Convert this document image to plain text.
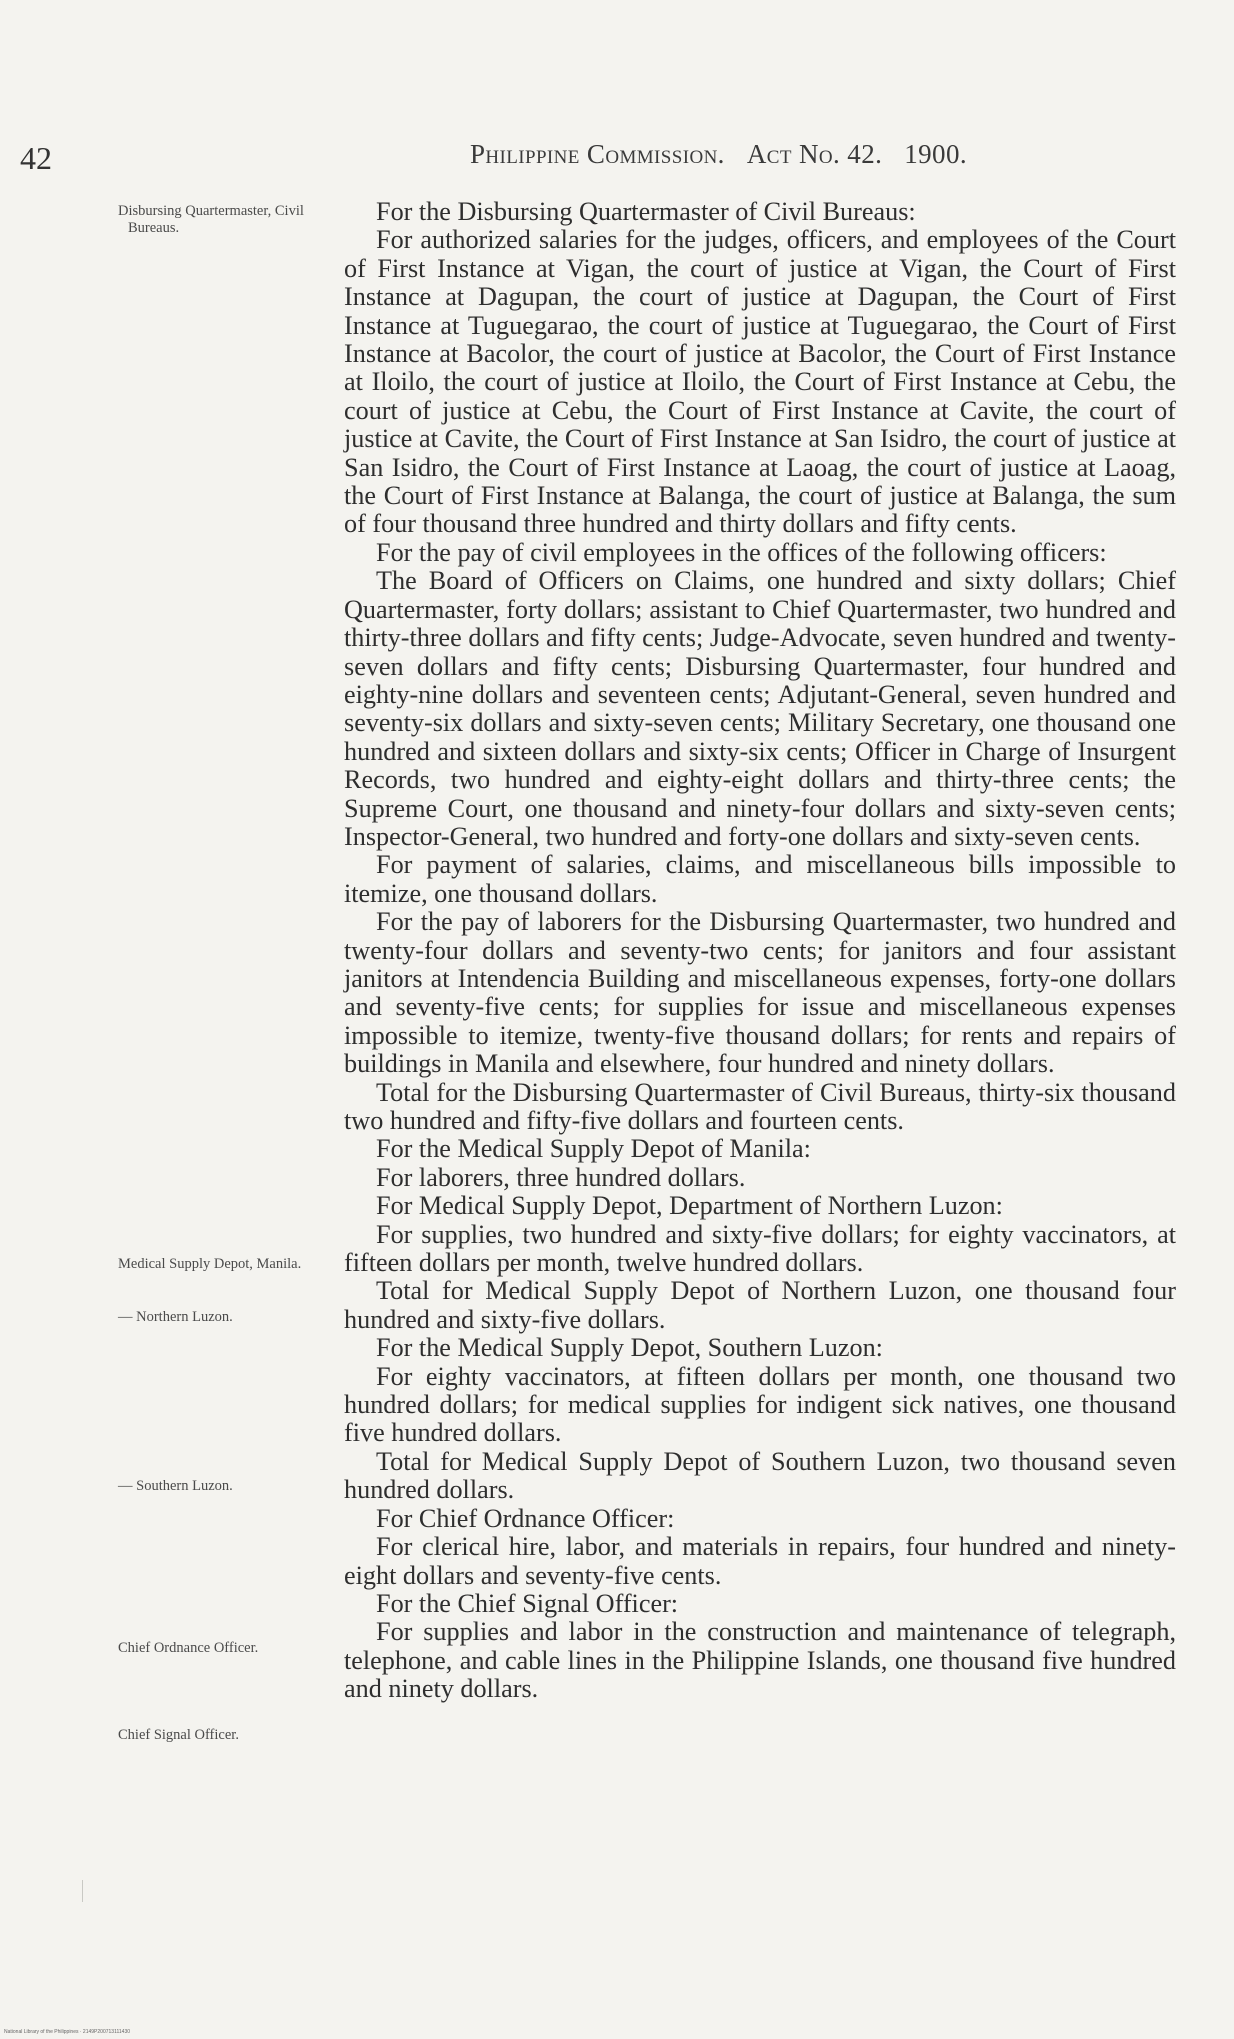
42	Philippine Commission. Act No. 42. 1900.
Disbursing Quartermaster, Civil Bureaus.
Medical Supply Depot, Manila.
— Northern Luzon.
— Southern Luzon.
Chief Ordnance Officer.
Chief Signal Officer.

For the Disbursing Quartermaster of Civil Bureaus:

For authorized salaries for the judges, officers, and employees of the Court of First Instance at Vigan, the court of justice at Vigan, the Court of First Instance at Dagupan, the court of justice at Dagupan, the Court of First Instance at Tuguegarao, the court of justice at Tuguegarao, the Court of First Instance at Bacolor, the court of justice at Bacolor, the Court of First Instance at Iloilo, the court of justice at Iloilo, the Court of First Instance at Cebu, the court of justice at Cebu, the Court of First Instance at Cavite, the court of justice at Cavite, the Court of First Instance at San Isidro, the court of justice at San Isidro, the Court of First Instance at Laoag, the court of justice at Laoag, the Court of First Instance at Balanga, the court of justice at Balanga, the sum of four thousand three hundred and thirty dollars and fifty cents.

For the pay of civil employees in the offices of the following officers:

The Board of Officers on Claims, one hundred and sixty dollars; Chief Quartermaster, forty dollars; assistant to Chief Quartermaster, two hundred and thirty-three dollars and fifty cents; Judge-Advocate, seven hundred and twenty-seven dollars and fifty cents; Disbursing Quartermaster, four hundred and eighty-nine dollars and seventeen cents; Adjutant-General, seven hundred and seventy-six dollars and sixty-seven cents; Military Secretary, one thousand one hundred and sixteen dollars and sixty-six cents; Officer in Charge of Insurgent Records, two hundred and eighty-eight dollars and thirty-three cents; the Supreme Court, one thousand and ninety-four dollars and sixty-seven cents; Inspector-General, two hundred and forty-one dollars and sixty-seven cents.

For payment of salaries, claims, and miscellaneous bills impossible to itemize, one thousand dollars.

For the pay of laborers for the Disbursing Quartermaster, two hundred and twenty-four dollars and seventy-two cents; for janitors and four assistant janitors at Intendencia Building and miscellaneous expenses, forty-one dollars and seventy-five cents; for supplies for issue and miscellaneous expenses impossible to itemize, twenty-five thousand dollars; for rents and repairs of buildings in Manila and elsewhere, four hundred and ninety dollars.

Total for the Disbursing Quartermaster of Civil Bureaus, thirty-six thousand two hundred and fifty-five dollars and fourteen cents.

For the Medical Supply Depot of Manila:

For laborers, three hundred dollars.

For Medical Supply Depot, Department of Northern Luzon:

For supplies, two hundred and sixty-five dollars; for eighty vaccinators, at fifteen dollars per month, twelve hundred dollars.

Total for Medical Supply Depot of Northern Luzon, one thousand four hundred and sixty-five dollars.

For the Medical Supply Depot, Southern Luzon:

For eighty vaccinators, at fifteen dollars per month, one thousand two hundred dollars; for medical supplies for indigent sick natives, one thousand five hundred dollars.

Total for Medical Supply Depot of Southern Luzon, two thousand seven hundred dollars.

For Chief Ordnance Officer:

For clerical hire, labor, and materials in repairs, four hundred and ninety-eight dollars and seventy-five cents.

For the Chief Signal Officer:

For supplies and labor in the construction and maintenance of telegraph, telephone, and cable lines in the Philippine Islands, one thousand five hundred and ninety dollars.

National Library of the Philippines · 2149P200713111430
